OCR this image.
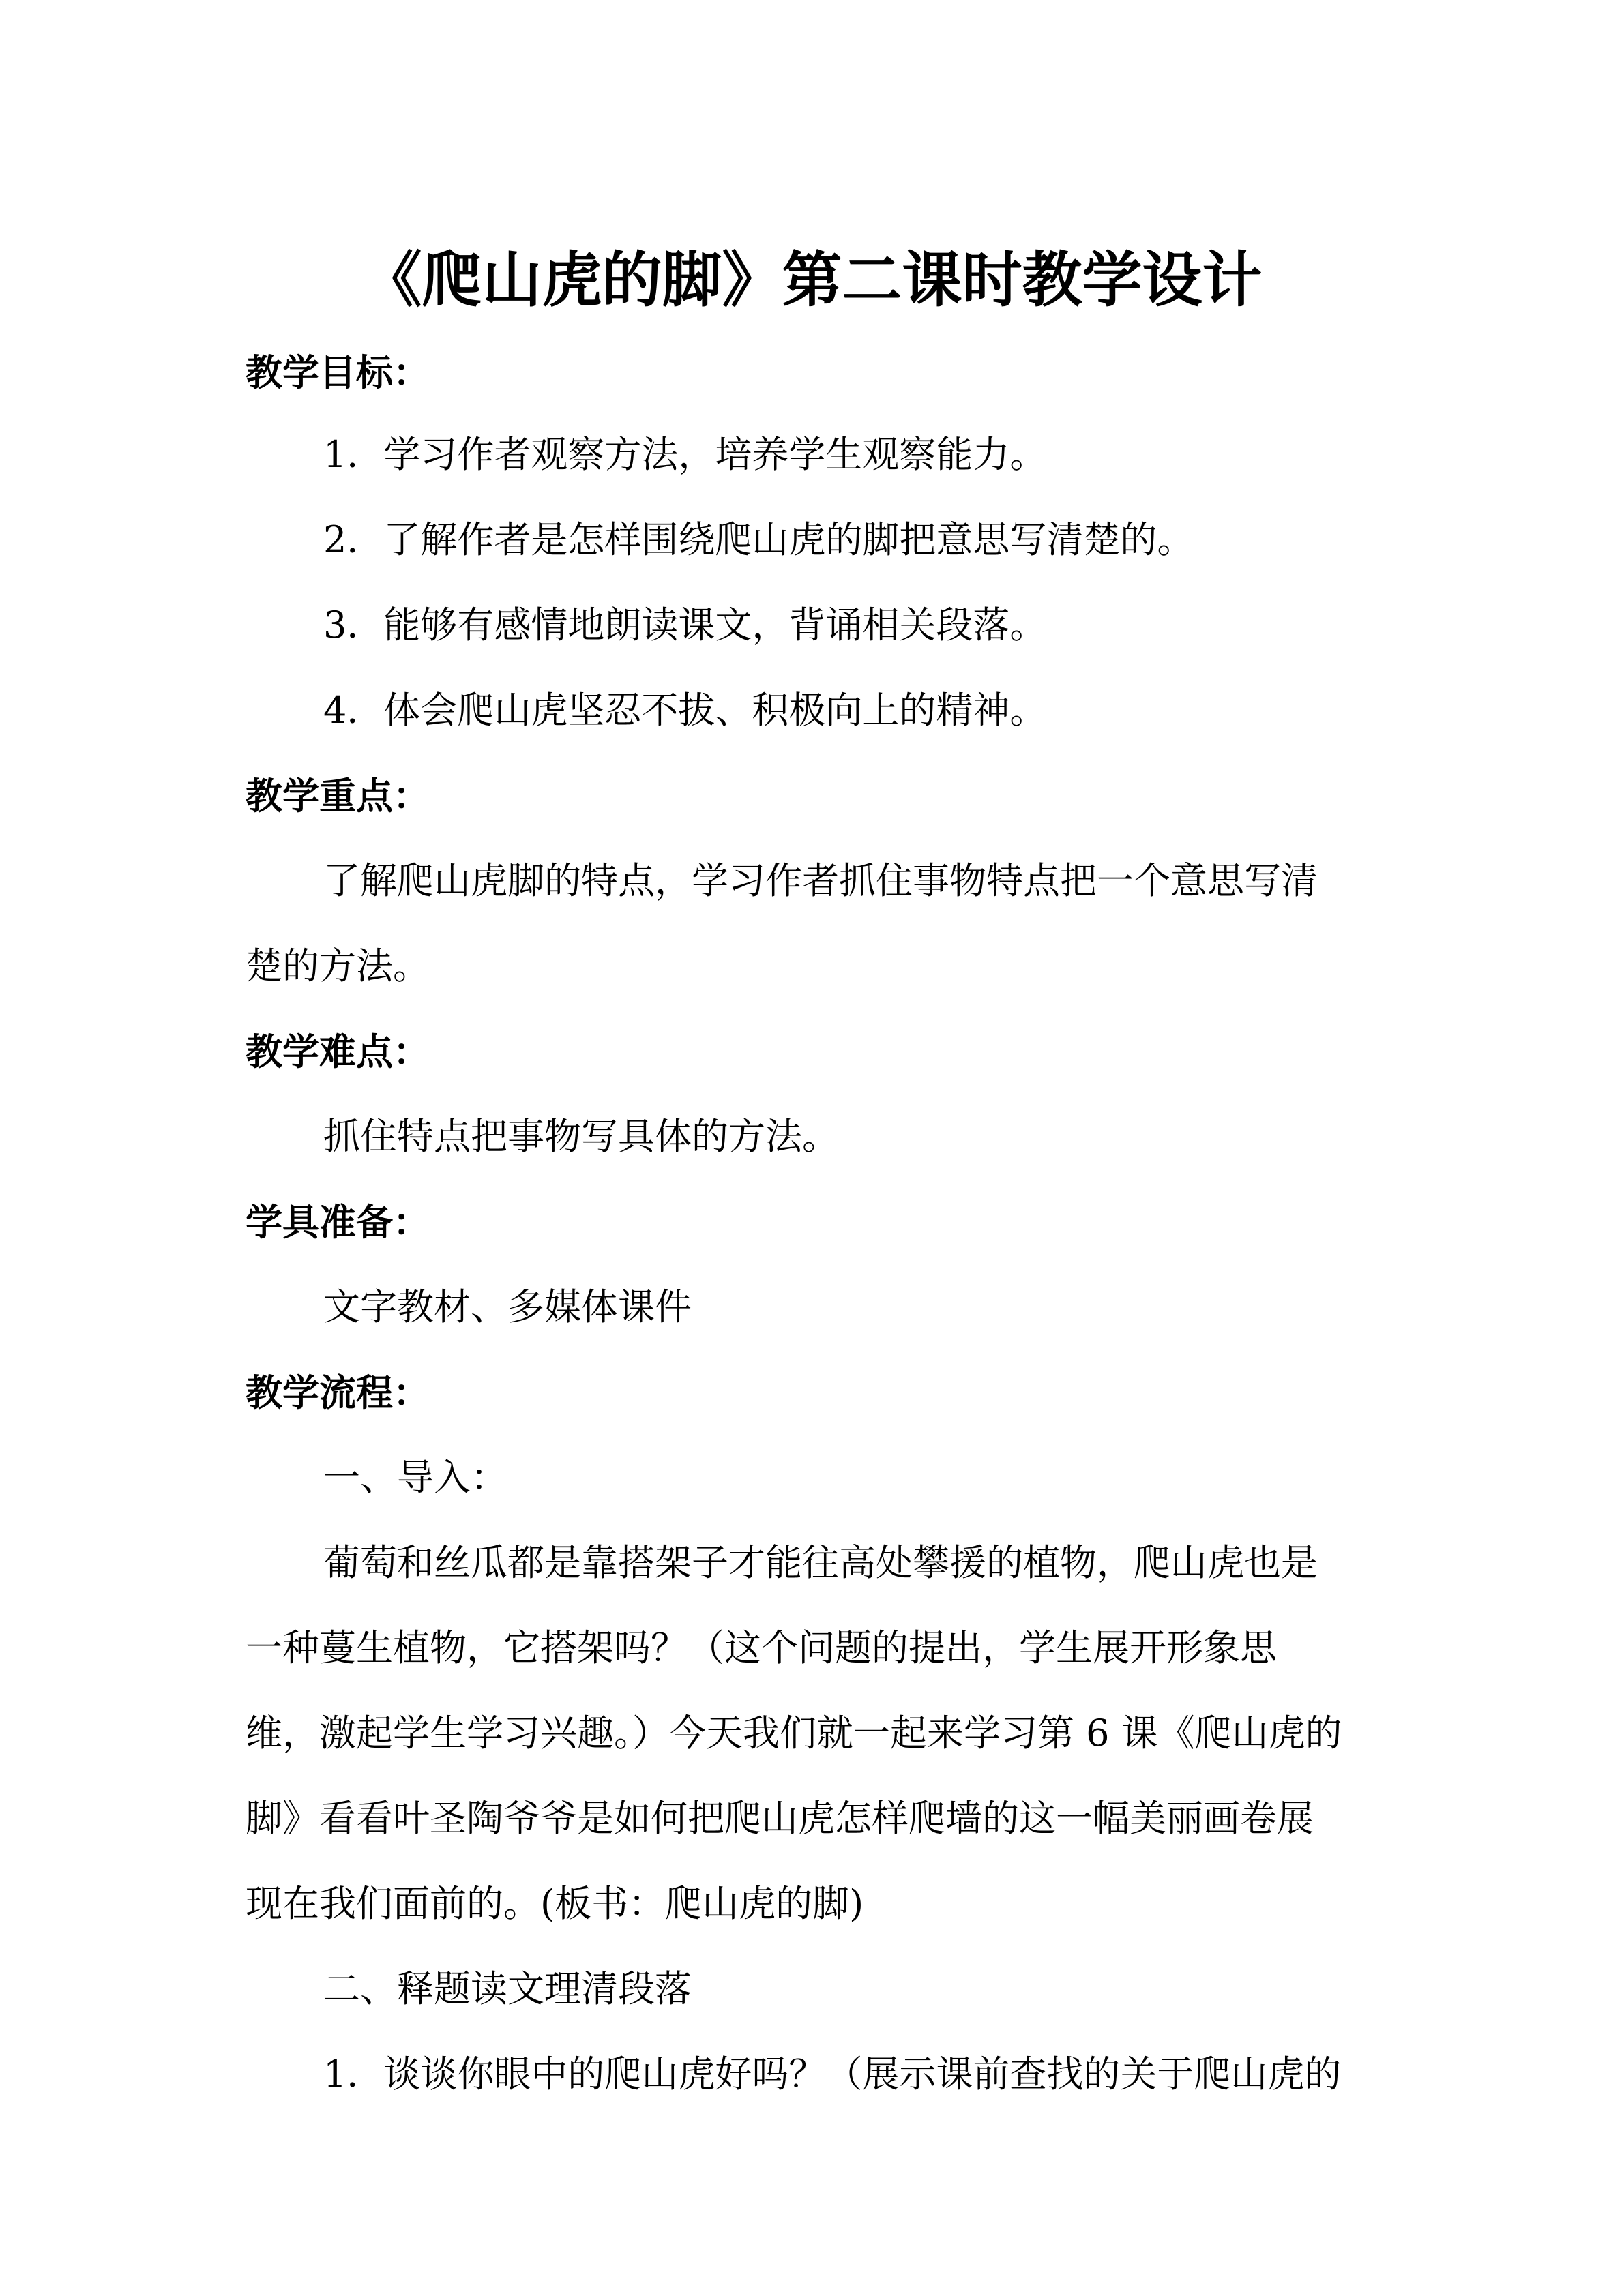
《爬山虎的脚》第二课时教学设计
教学目标：
1．学习作者观察方法，培养学生观察能力。
2．了解作者是怎样围绕爬山虎的脚把意思写清楚的。
3．能够有感情地朗读课文，背诵相关段落。
4．体会爬山虎坚忍不拔、积极向上的精神。
教学重点：
了解爬山虎脚的特点，学习作者抓住事物特点把一个意思写清
楚的方法。
教学难点：
抓住特点把事物写具体的方法。
学具准备：
文字教材、多媒体课件
教学流程：
一、导入：
葡萄和丝瓜都是靠搭架子才能往高处攀援的植物，爬山虎也是
一种蔓生植物，它搭架吗？（这个问题的提出，学生展开形象思
维，激起学生学习兴趣。）今天我们就一起来学习第 6 课《爬山虎的
脚》看看叶圣陶爷爷是如何把爬山虎怎样爬墙的这一幅美丽画卷展
现在我们面前的。(板书：爬山虎的脚)
二、释题读文理清段落
1．谈谈你眼中的爬山虎好吗？（展示课前查找的关于爬山虎的
